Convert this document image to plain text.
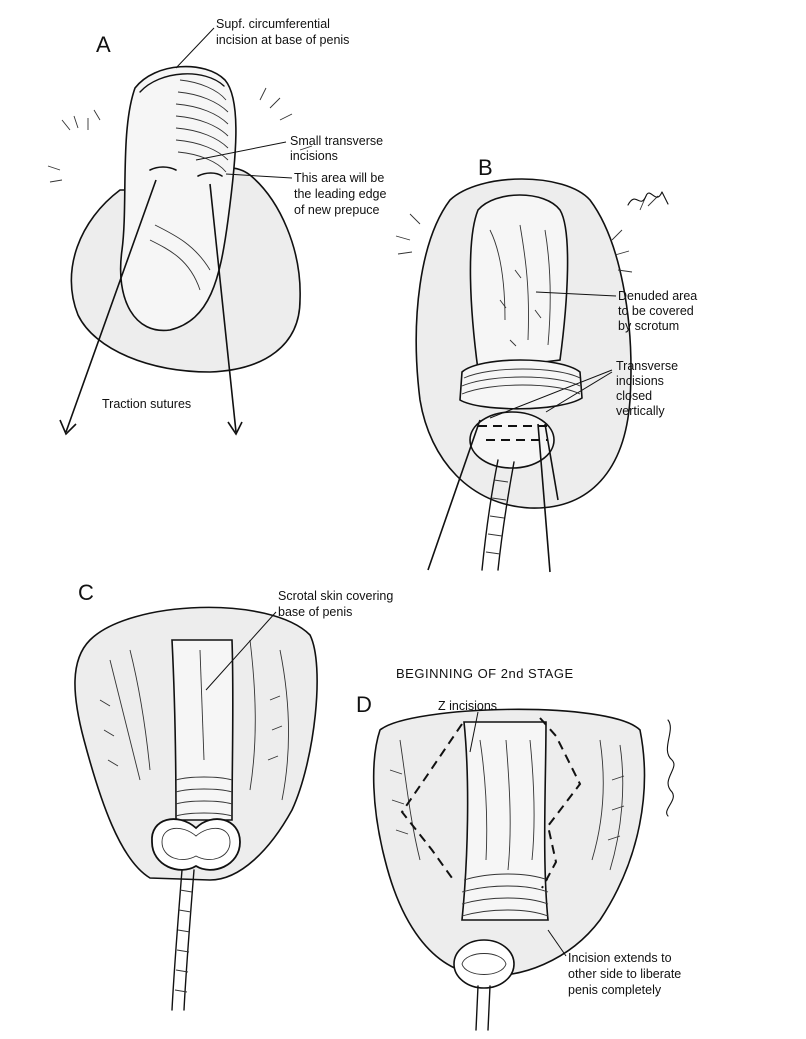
A
Supf. circumferential incision at base of penis
Small transverse incisions
This area will be the leading edge of new prepuce
Traction sutures
B
Denuded area to be covered by scrotum
Transverse incisions closed vertically
C	Scrotal skin covering base of penis
BEGINNING OF 2nd STAGE
D	Z incisions
Incision extends to other side to liberate penis completely
